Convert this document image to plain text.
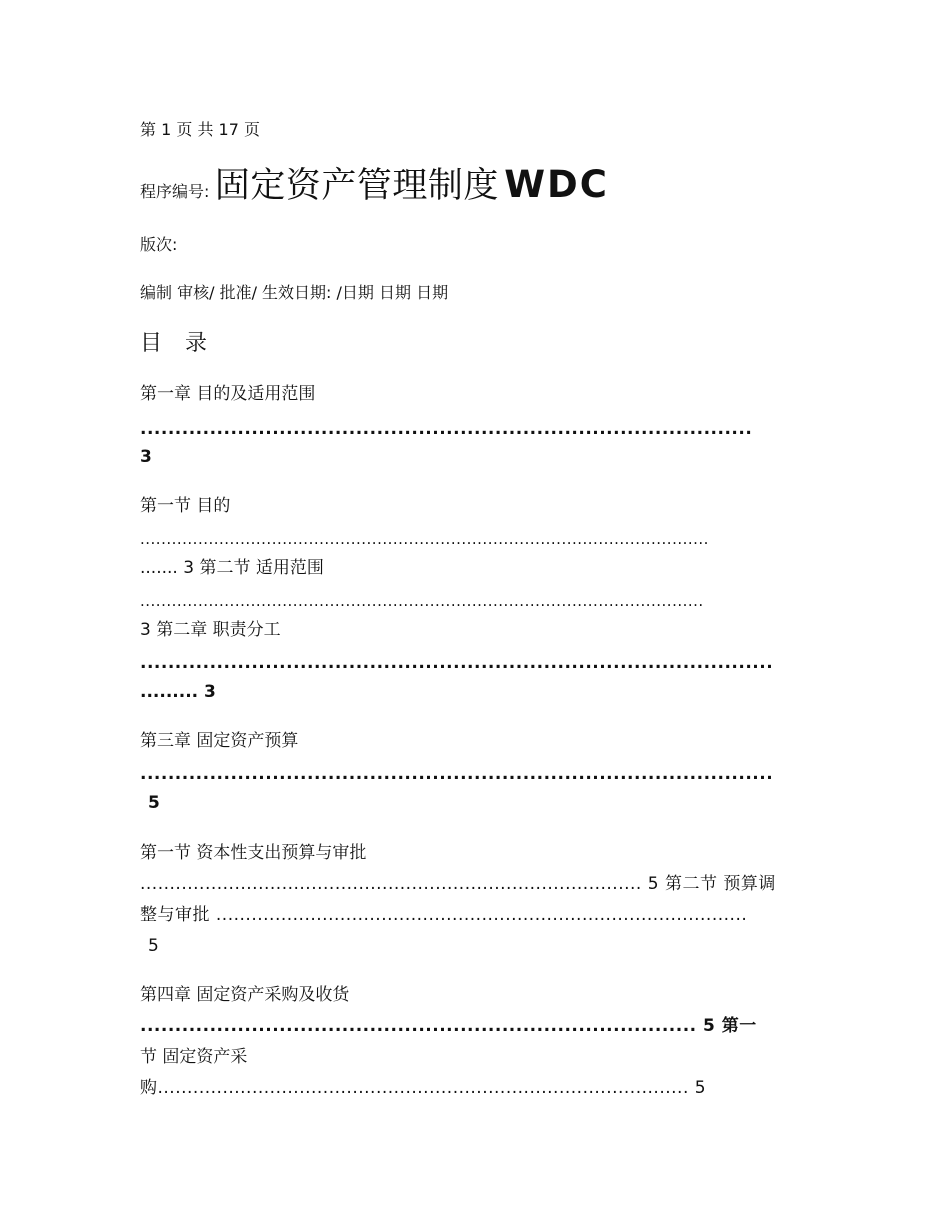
第 1 页 共 17 页
程序编号: 固定资产管理制度 WDC
版次:
编制 审核/ 批准/ 生效日期: /日期 日期 日期
目 录
第一章 目的及适用范围
........................................................................................
3
第一节 目的
............................................................................................................
....... 3 第二节 适用范围
...........................................................................................................
3 第二章 职责分工
...........................................................................................
......... 3
第三章 固定资产预算
...........................................................................................
5
第一节 资本性支出预算与审批
..................................................................................... 5 第二节 预算调
整与审批 ..........................................................................................
5
第四章 固定资产采购及收货
................................................................................ 5 第一
节 固定资产采
购.......................................................................................... 5
